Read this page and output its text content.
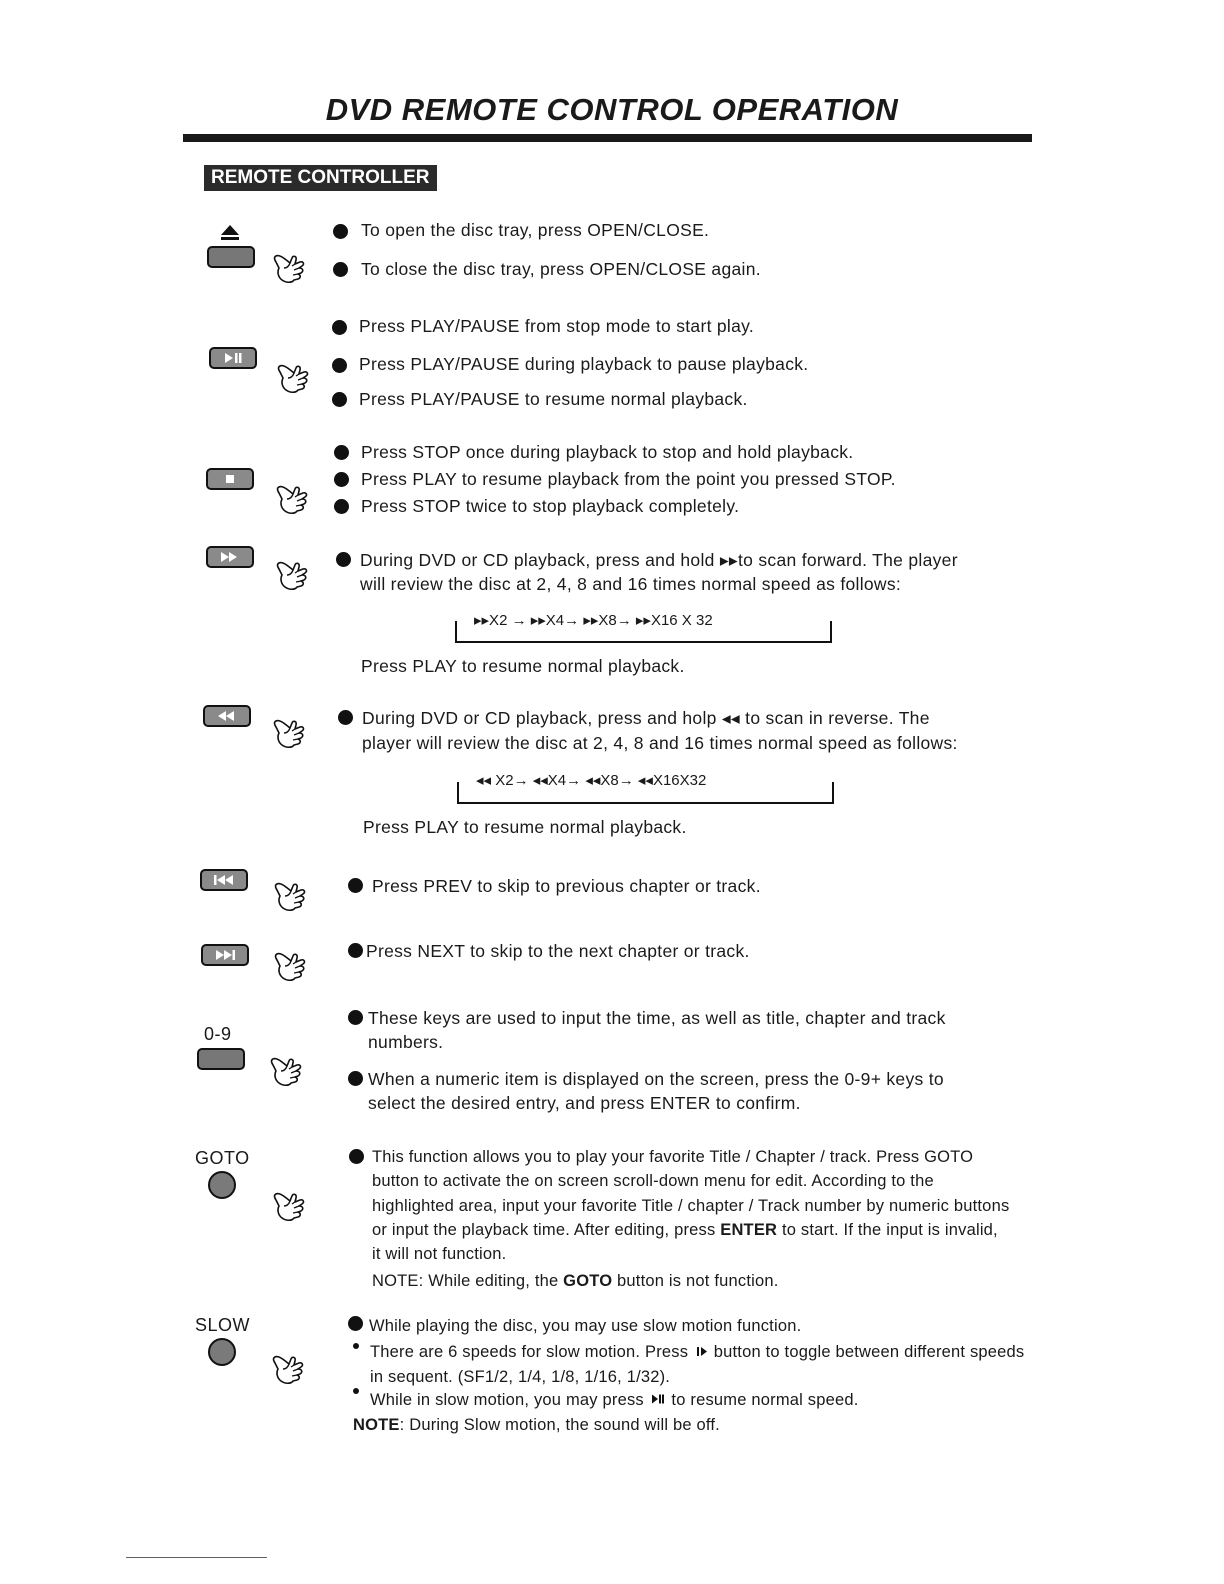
DVD REMOTE CONTROL OPERATION
REMOTE CONTROLLER
To open the disc tray, press OPEN/CLOSE.
To close the disc tray, press OPEN/CLOSE again.
Press PLAY/PAUSE from stop mode to start play.
Press PLAY/PAUSE during playback to pause playback.
Press PLAY/PAUSE to resume normal playback.
Press STOP once during playback to stop and hold playback.
Press PLAY to resume playback from the point you pressed STOP.
Press STOP twice to stop playback completely.
During DVD or CD playback, press and hold ▸▸to scan forward. The player
will review the disc at 2, 4, 8 and 16 times normal speed as follows:
▸▸X2 → ▸▸X4→ ▸▸X8→ ▸▸X16 X 32
Press PLAY to resume normal playback.
During DVD or CD playback, press and holp ◂◂ to scan in reverse. The
player will review the disc at 2, 4, 8 and 16 times normal speed as follows:
◂◂ X2→ ◂◂X4→ ◂◂X8→ ◂◂X16X32
Press PLAY to resume normal playback.
Press PREV to skip to previous chapter or track.
Press NEXT to skip to the next chapter or track.
0-9
These keys are used to input the time, as well as title, chapter and track
numbers.
When a numeric item is displayed on the screen, press the 0-9+ keys to
select the desired entry, and press ENTER to confirm.
GOTO	This function allows you to play your favorite Title / Chapter / track. Press GOTO
button to activate the on screen scroll-down menu for edit. According to the
highlighted area, input your favorite Title / chapter / Track number by numeric buttons
or input the playback time. After editing, press ENTER to start. If the input is invalid,
it will not function.
NOTE: While editing, the GOTO button is not function.
SLOW	While playing the disc, you may use slow motion function.
There are 6 speeds for slow motion. Press  button to toggle between different speeds
in sequent. (SF1/2, 1/4, 1/8, 1/16, 1/32).
While in slow motion, you may press  to resume normal speed.
NOTE: During Slow motion, the sound will be off.
